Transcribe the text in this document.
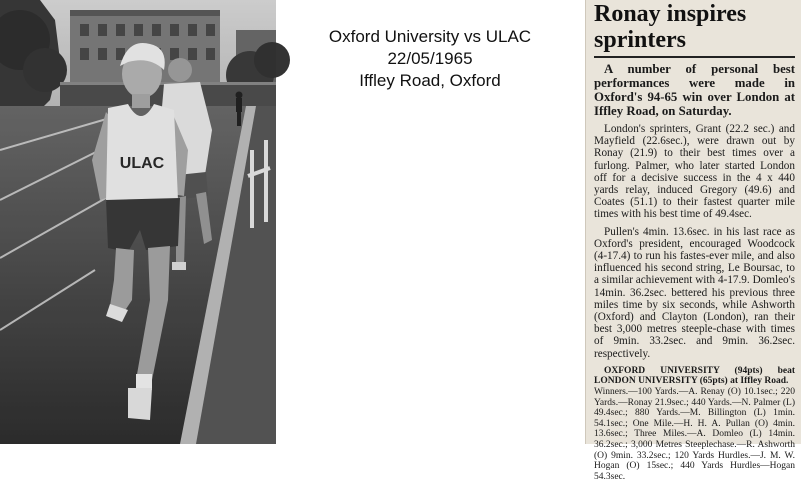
ULAC
Oxford University vs ULAC
22/05/1965
Iffley Road, Oxford
Ronay inspires sprinters

A number of personal best performances were made in Oxford's 94-65 win over London at Iffley Road, on Saturday.

London's sprinters, Grant (22.2 sec.) and Mayfield (22.6sec.), were drawn out by Ronay (21.9) to their best times over a furlong. Palmer, who later started London off for a decisive success in the 4 x 440 yards relay, induced Gregory (49.6) and Coates (51.1) to their fastest quarter mile times with his best time of 49.4sec.

Pullen's 4min. 13.6sec. in his last race as Oxford's president, encouraged Woodcock (4-17.4) to run his fastes-ever mile, and also influenced his second string, Le Boursac, to a similar achievement with 4-17.9. Domleo's 14min. 36.2sec. bettered his previous three miles time by six seconds, while Ashworth (Oxford) and Clayton (London), ran their best 3,000 metres steeple-chase with times of 9min. 33.2sec. and 9min. 36.2sec. respectively.

OXFORD UNIVERSITY (94pts) beat LONDON UNIVERSITY (65pts) at Iffley Road.
Winners.—100 Yards.—A. Renay (O) 10.1sec.; 220 Yards.—Ronay 21.9sec.; 440 Yards.—N. Palmer (L) 49.4sec.; 880 Yards.—M. Billington (L) 1min. 54.1sec.; One Mile.—H. H. A. Pullan (O) 4min. 13.6sec.; Three Miles.—A. Domleo (L) 14min. 36.2sec.; 3,000 Metres Steeplechase.—R. Ashworth (O) 9min. 33.2sec.; 120 Yards Hurdles.—J. M. W. Hogan (O) 15sec.; 440 Yards Hurdles—Hogan 54.3sec.
